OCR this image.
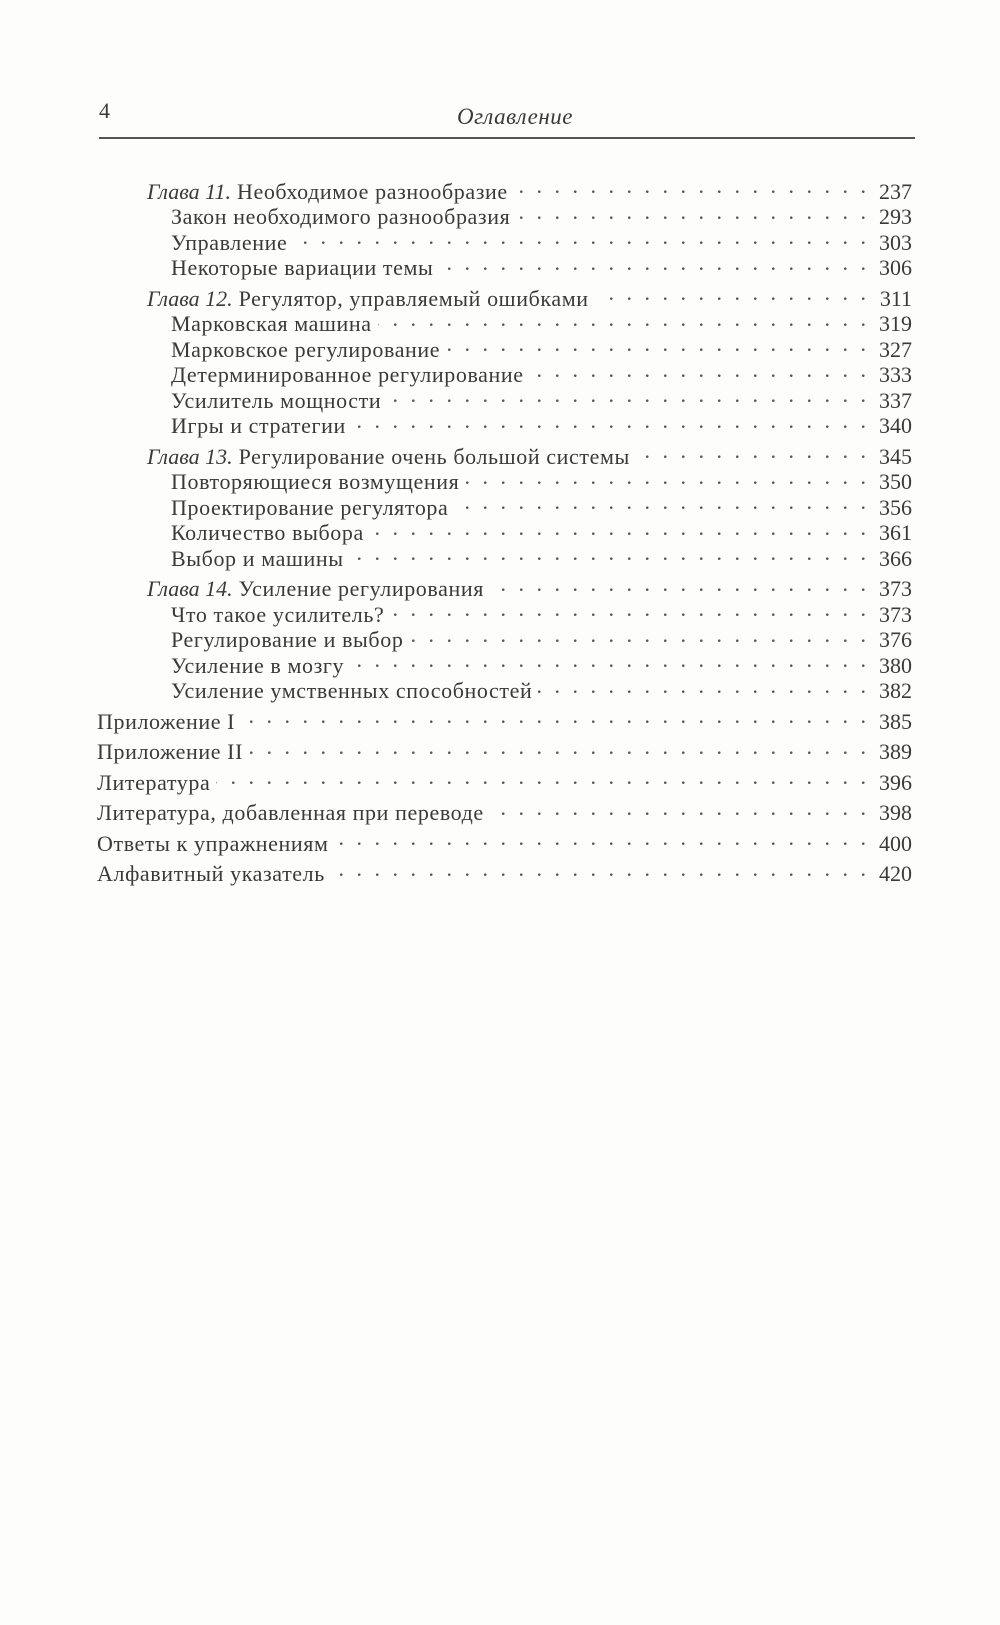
4	Оглавление
Глава 11. Необходимое разнообразие . . .	237
Закон необходимого разнообразия . . .	293
Управление . . .	303
Некоторые вариации темы . . .	306
Глава 12. Регулятор, управляемый ошибками . . .	311
Марковская машина . . .	319
Марковское регулирование . . .	327
Детерминированное регулирование . . .	333
Усилитель мощности . . .	337
Игры и стратегии . . .	340
Глава 13. Регулирование очень большой системы . . .	345
Повторяющиеся возмущения . . .	350
Проектирование регулятора . . .	356
Количество выбора . . .	361
Выбор и машины . . .	366
Глава 14. Усиление регулирования . . .	373
Что такое усилитель? . . .	373
Регулирование и выбор . . .	376
Усиление в мозгу . . .	380
Усиление умственных способностей . . .	382
Приложение I . . .	385
Приложение II . . .	389
Литература . . .	396
Литература, добавленная при переводе . . .	398
Ответы к упражнениям . . .	400
Алфавитный указатель . . .	420
